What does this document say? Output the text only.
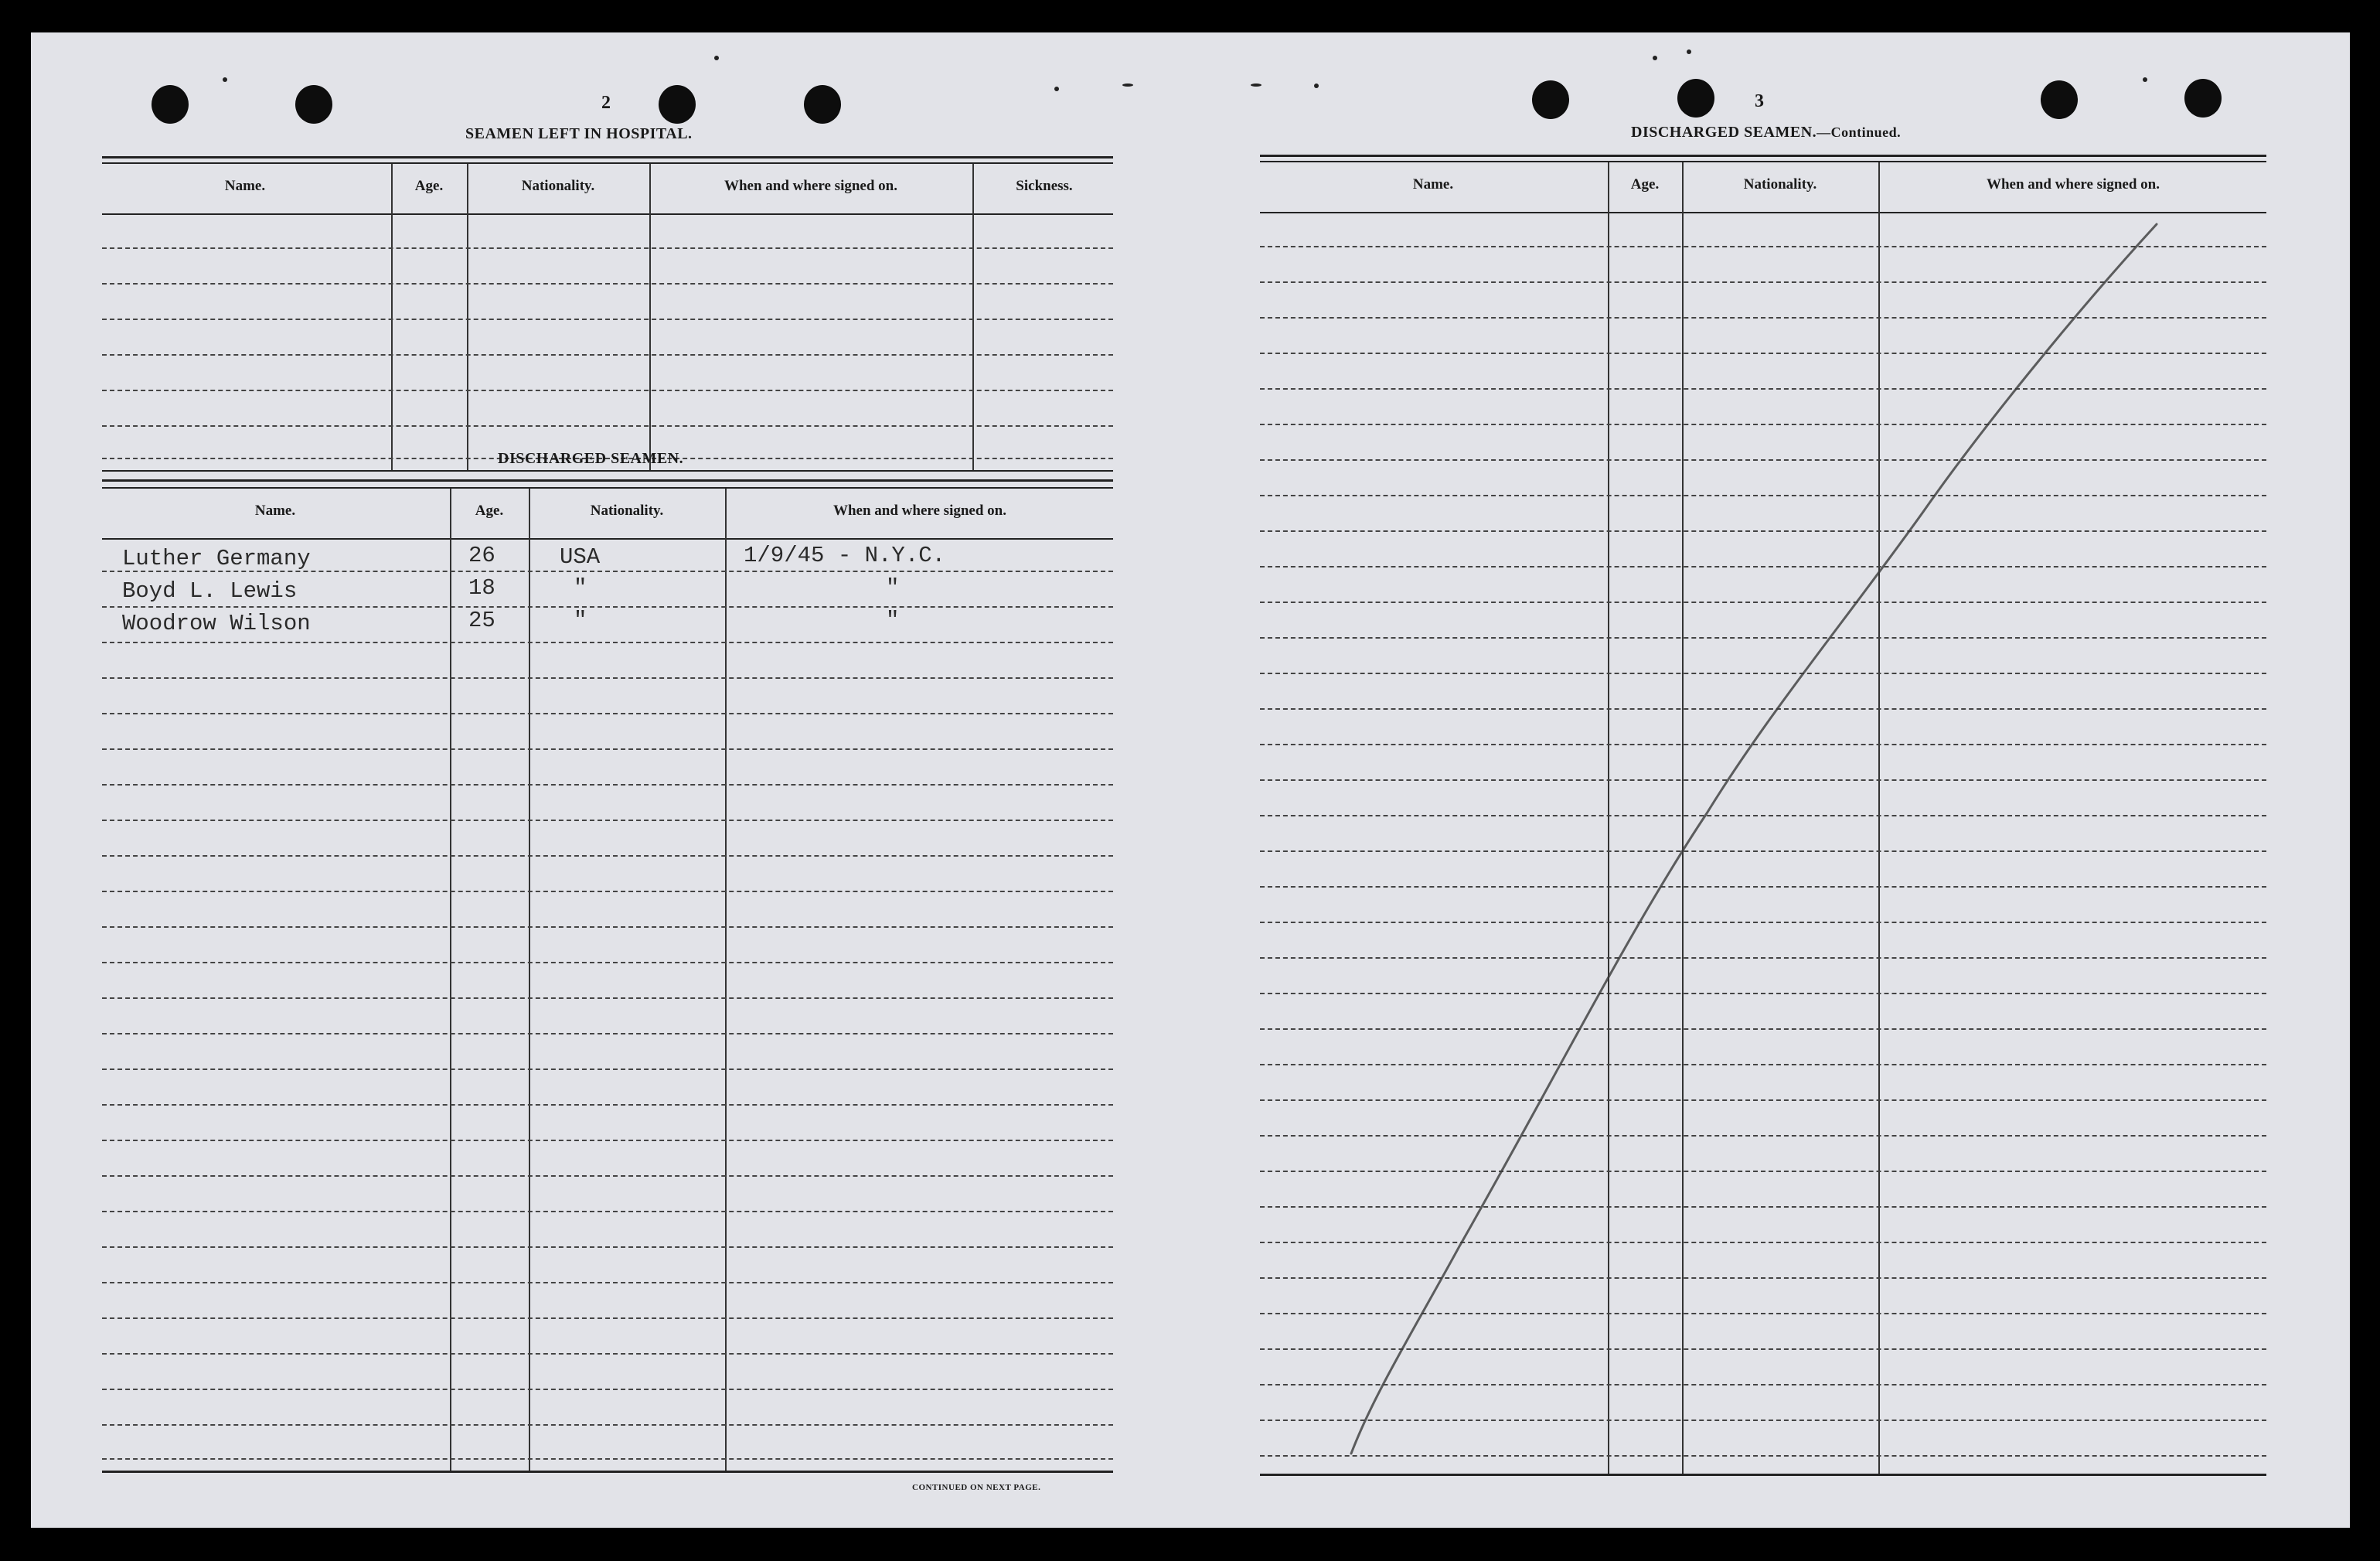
2
SEAMEN LEFT IN HOSPITAL.
Name.	Age.	Nationality.	When and where signed on.	Sickness.
DISCHARGED SEAMEN.
Name.	Age.	Nationality.	When and where signed on.
Luther Germany	26	USA	1/9/45 - N.Y.C.
Boyd L. Lewis	18	"	"
Woodrow Wilson	25	"	"
CONTINUED ON NEXT PAGE.
3
DISCHARGED SEAMEN.—Continued.
Name.	Age.	Nationality.	When and where signed on.
